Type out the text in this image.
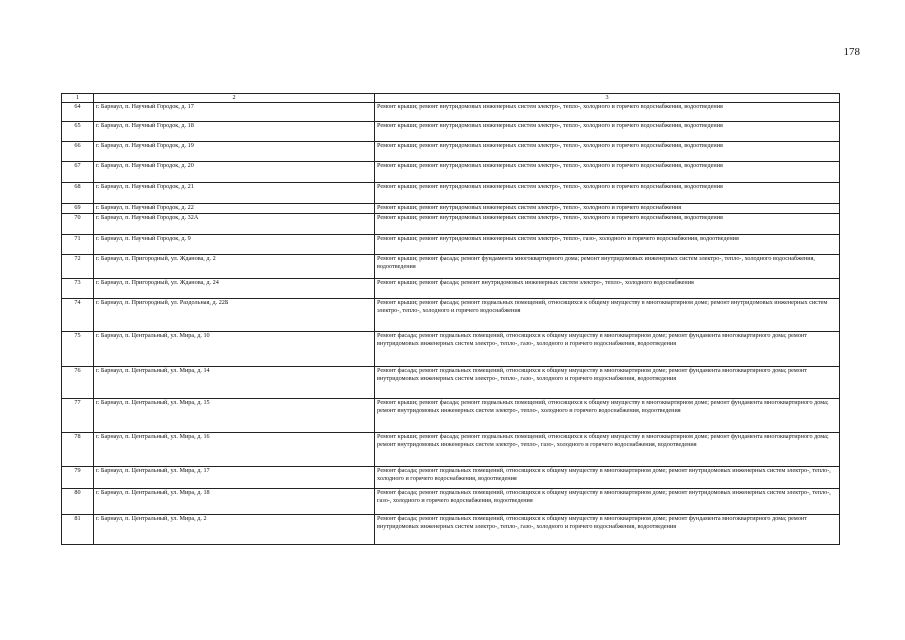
178
1	2	3
64	г. Барнаул, п. Научный Городок, д. 17	Ремонт крыши; ремонт внутридомовых инженерных систем электро-, тепло-, холодного и горячего водоснабжения, водоотведения
65	г. Барнаул, п. Научный Городок, д. 18	Ремонт крыши; ремонт внутридомовых инженерных систем электро-, тепло-, холодного и горячего водоснабжения, водоотведения
66	г. Барнаул, п. Научный Городок, д. 19	Ремонт крыши; ремонт внутридомовых инженерных систем электро-, тепло-, холодного и горячего водоснабжения, водоотведения
67	г. Барнаул, п. Научный Городок, д. 20	Ремонт крыши; ремонт внутридомовых инженерных систем электро-, тепло-, холодного и горячего водоснабжения, водоотведения
68	г. Барнаул, п. Научный Городок, д. 21	Ремонт крыши; ремонт внутридомовых инженерных систем электро-, тепло-, холодного и горячего водоснабжения, водоотведения
69	г. Барнаул, п. Научный Городок, д. 22	Ремонт крыши; ремонт внутридомовых инженерных систем электро-, тепло-, холодного и горячего водоснабжения
70	г. Барнаул, п. Научный Городок, д. 32А	Ремонт крыши; ремонт внутридомовых инженерных систем электро-, тепло-, холодного и горячего водоснабжения, водоотведения
71	г. Барнаул, п. Научный Городок, д. 9	Ремонт крыши; ремонт внутридомовых инженерных систем электро-, тепло-, газо-, холодного и горячего водоснабжения, водоотведения
72	г. Барнаул, п. Пригородный, ул. Жданова, д. 2	Ремонт крыши; ремонт фасада; ремонт фундамента многоквартирного дома; ремонт внутридомовых инженерных систем электро-, тепло-, холодного водоснабжения, водоотведения
73	г. Барнаул, п. Пригородный, ул. Жданова, д. 24	Ремонт крыши; ремонт фасада; ремонт внутридомовых инженерных систем электро-, тепло-, холодного водоснабжения
74	г. Барнаул, п. Пригородный, ул. Раздольная, д. 22Б	Ремонт крыши; ремонт фасада; ремонт подвальных помещений, относящихся к общему имуществу в многоквартирном доме; ремонт внутридомовых инженерных систем электро-, тепло-, холодного и горячего водоснабжения
75	г. Барнаул, п. Центральный, ул. Мира, д. 10	Ремонт фасада; ремонт подвальных помещений, относящихся к общему имуществу в многоквартирном доме; ремонт фундамента многоквартирного дома; ремонт внутридомовых инженерных систем электро-, тепло-, газо-, холодного и горячего водоснабжения, водоотведения
76	г. Барнаул, п. Центральный, ул. Мира, д. 14	Ремонт фасада; ремонт подвальных помещений, относящихся к общему имуществу в многоквартирном доме; ремонт фундамента многоквартирного дома; ремонт внутридомовых инженерных систем электро-, тепло-, газо-, холодного и горячего водоснабжения, водоотведения
77	г. Барнаул, п. Центральный, ул. Мира, д. 15	Ремонт крыши; ремонт фасада; ремонт подвальных помещений, относящихся к общему имуществу в многоквартирном доме; ремонт фундамента многоквартирного дома; ремонт внутридомовых инженерных систем электро-, тепло-, холодного и горячего водоснабжения, водоотведения
78	г. Барнаул, п. Центральный, ул. Мира, д. 16	Ремонт крыши; ремонт фасада; ремонт подвальных помещений, относящихся к общему имуществу в многоквартирном доме; ремонт фундамента многоквартирного дома; ремонт внутридомовых инженерных систем электро-, тепло-, газо-, холодного и горячего водоснабжения, водоотведения
79	г. Барнаул, п. Центральный, ул. Мира, д. 17	Ремонт фасада; ремонт подвальных помещений, относящихся к общему имуществу в многоквартирном доме; ремонт внутридомовых инженерных систем электро-, тепло-, холодного и горячего водоснабжения, водоотведения
80	г. Барнаул, п. Центральный, ул. Мира, д. 18	Ремонт фасада; ремонт подвальных помещений, относящихся к общему имуществу в многоквартирном доме; ремонт внутридомовых инженерных систем электро-, тепло-, газо-, холодного и горячего водоснабжения, водоотведения
81	г. Барнаул, п. Центральный, ул. Мира, д. 2	Ремонт фасада; ремонт подвальных помещений, относящихся к общему имуществу в многоквартирном доме; ремонт фундамента многоквартирного дома; ремонт внутридомовых инженерных систем электро-, тепло-, газо-, холодного и горячего водоснабжения, водоотведения
